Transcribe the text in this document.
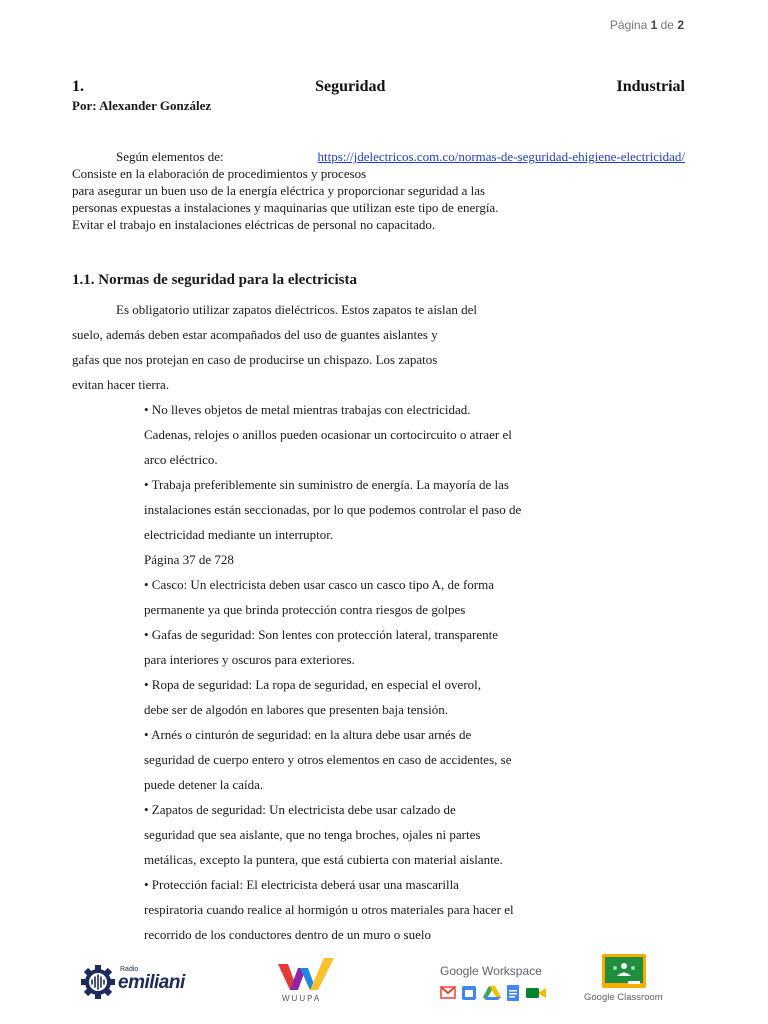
Página 1 de 2
1.	Seguridad	Industrial
Por: Alexander González
Según elementos de:	https://jdelectricos.com.co/normas-de-seguridad-ehigiene-electricidad/

Consiste en la elaboración de procedimientos y procesos

para asegurar un buen uso de la energía eléctrica y proporcionar seguridad a las

personas expuestas a instalaciones y maquinarias que utilizan este tipo de energía.

Evitar el trabajo en instalaciones eléctricas de personal no capacitado.

1.1. Normas de seguridad para la electricista

Es obligatorio utilizar zapatos dieléctricos. Estos zapatos te aíslan del

suelo, además deben estar acompañados del uso de guantes aislantes y

gafas que nos protejan en caso de producirse un chispazo. Los zapatos

evitan hacer tierra.

• No lleves objetos de metal mientras trabajas con electricidad.

Cadenas, relojes o anillos pueden ocasionar un cortocircuito o atraer el

arco eléctrico.

• Trabaja preferiblemente sin suministro de energía. La mayoría de las

instalaciones están seccionadas, por lo que podemos controlar el paso de

electricidad mediante un interruptor.

Página 37 de 728

• Casco: Un electricista deben usar casco un casco tipo A, de forma

permanente ya que brinda protección contra riesgos de golpes

• Gafas de seguridad: Son lentes con protección lateral, transparente

para interiores y oscuros para exteriores.

• Ropa de seguridad: La ropa de seguridad, en especial el overol,

debe ser de algodón en labores que presenten baja tensión.

• Arnés o cinturón de seguridad: en la altura debe usar arnés de

seguridad de cuerpo entero y otros elementos en caso de accidentes, se

puede detener la caída.

• Zapatos de seguridad: Un electricista debe usar calzado de

seguridad que sea aislante, que no tenga broches, ojales ni partes

metálicas, excepto la puntera, que está cubierta con material aislante.

• Protección facial: El electricista deberá usar una mascarilla

respiratoria cuando realice al hormigón u otros materiales para hacer el

recorrido de los conductores dentro de un muro o suelo

Radio
emiliani
WUUPA
Google Workspace
Google Classroom
